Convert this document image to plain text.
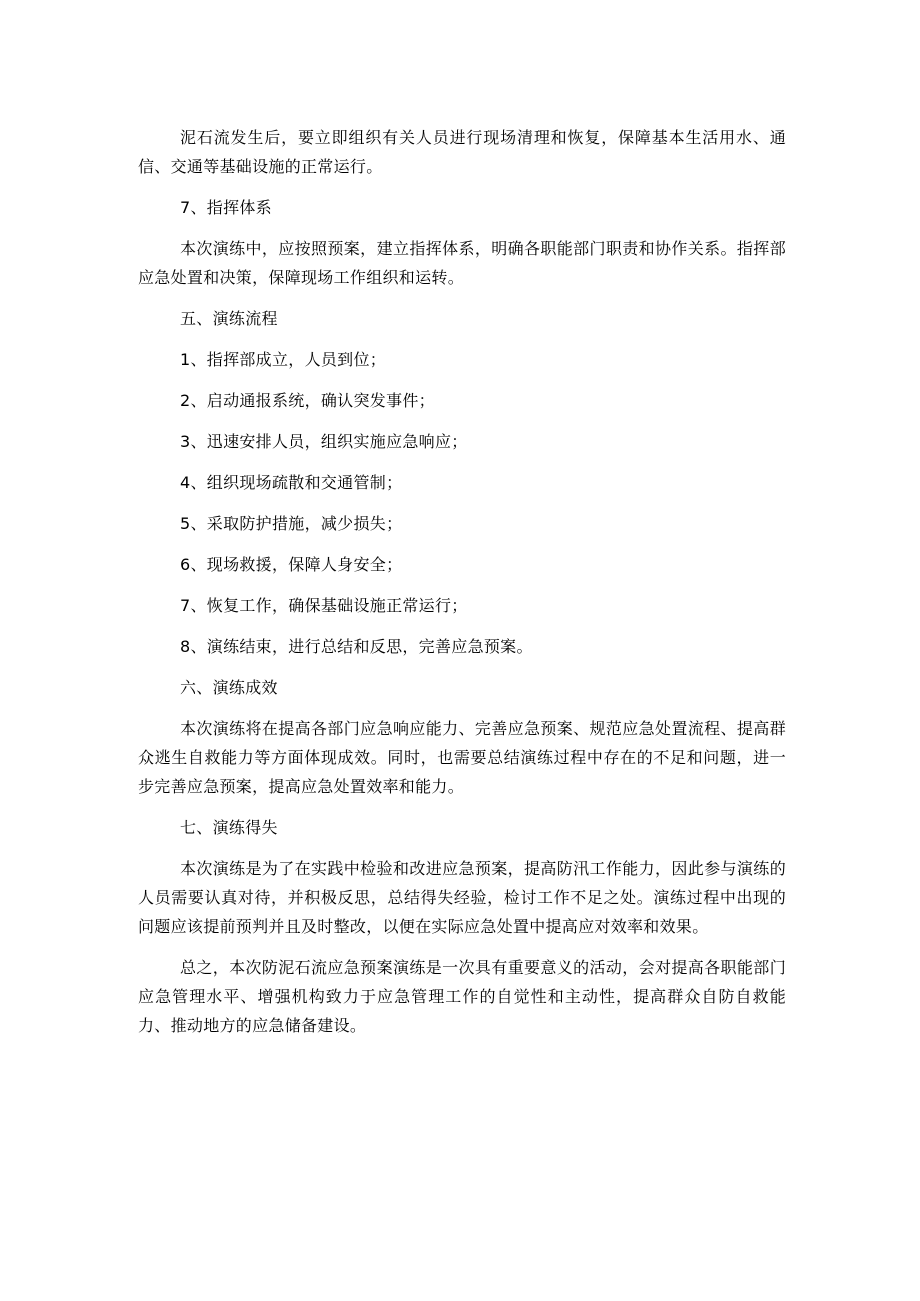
泥石流发生后，要立即组织有关人员进行现场清理和恢复，保障基本生活用水、通信、交通等基础设施的正常运行。

7、指挥体系

本次演练中，应按照预案，建立指挥体系，明确各职能部门职责和协作关系。指挥部应急处置和决策，保障现场工作组织和运转。

五、演练流程

1、指挥部成立，人员到位；

2、启动通报系统，确认突发事件；

3、迅速安排人员，组织实施应急响应；

4、组织现场疏散和交通管制；

5、采取防护措施，减少损失；

6、现场救援，保障人身安全；

7、恢复工作，确保基础设施正常运行；

8、演练结束，进行总结和反思，完善应急预案。

六、演练成效

本次演练将在提高各部门应急响应能力、完善应急预案、规范应急处置流程、提高群众逃生自救能力等方面体现成效。同时，也需要总结演练过程中存在的不足和问题，进一步完善应急预案，提高应急处置效率和能力。

七、演练得失

本次演练是为了在实践中检验和改进应急预案，提高防汛工作能力，因此参与演练的人员需要认真对待，并积极反思，总结得失经验，检讨工作不足之处。演练过程中出现的问题应该提前预判并且及时整改，以便在实际应急处置中提高应对效率和效果。

总之，本次防泥石流应急预案演练是一次具有重要意义的活动，会对提高各职能部门应急管理水平、增强机构致力于应急管理工作的自觉性和主动性，提高群众自防自救能力、推动地方的应急储备建设。
